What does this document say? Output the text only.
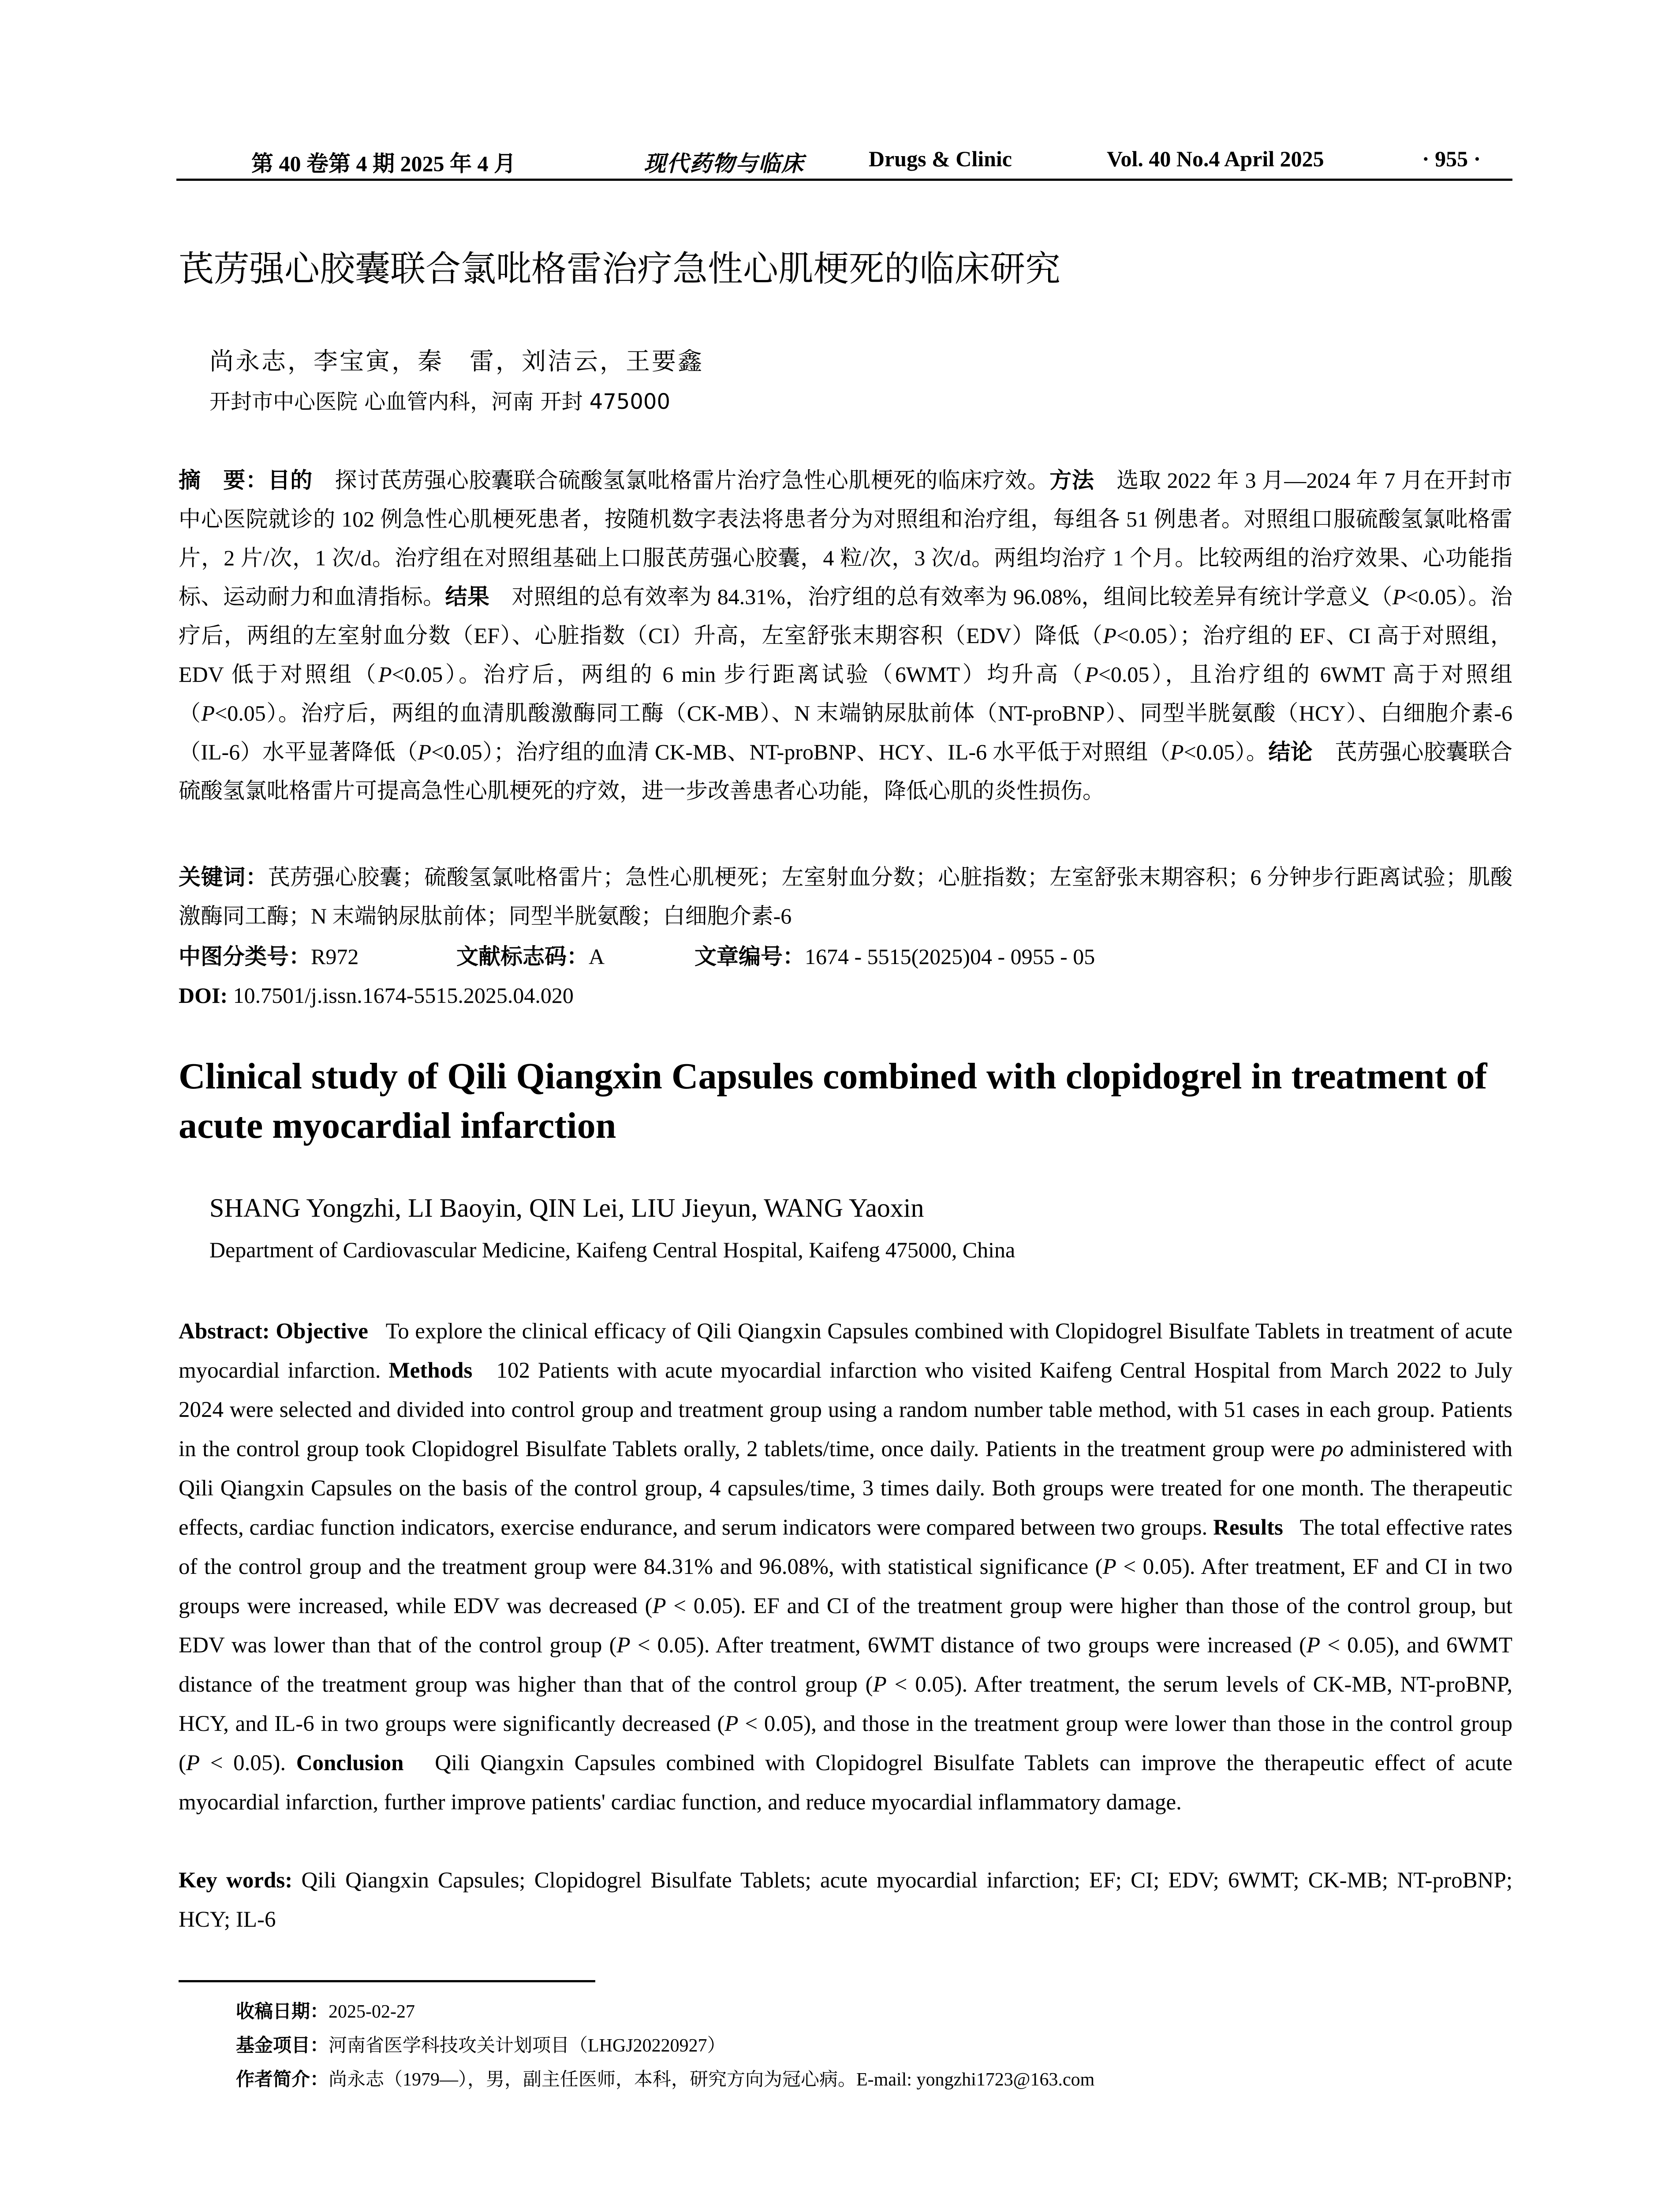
第 40 卷第 4 期 2025 年 4 月	现代药物与临床	Drugs & Clinic	Vol. 40 No.4 April 2025	· 955 ·
芪苈强心胶囊联合氯吡格雷治疗急性心肌梗死的临床研究
尚永志，李宝寅，秦　雷，刘洁云，王要鑫
开封市中心医院 心血管内科，河南 开封 475000
摘　要：目的　 探讨芪苈强心胶囊联合硫酸氢氯吡格雷片治疗急性心肌梗死的临床疗效。方法　 选取 2022 年 3 月—2024 年 7 月在开封市中心医院就诊的 102 例急性心肌梗死患者，按随机数字表法将患者分为对照组和治疗组，每组各 51 例患者。对照组口服硫酸氢氯吡格雷片，2 片/次，1 次/d。治疗组在对照组基础上口服芪苈强心胶囊，4 粒/次，3 次/d。两组均治疗 1 个月。比较两组的治疗效果、心功能指标、运动耐力和血清指标。结果　 对照组的总有效率为 84.31%，治疗组的总有效率为 96.08%，组间比较差异有统计学意义（P<0.05）。治疗后，两组的左室射血分数（EF）、心脏指数（CI）升高，左室舒张末期容积（EDV）降低（P<0.05）；治疗组的 EF、CI 高于对照组，EDV 低于对照组（P<0.05）。治疗后，两组的 6 min 步行距离试验（6WMT）均升高（P<0.05），且治疗组的 6WMT 高于对照组（P<0.05）。治疗后，两组的血清肌酸激酶同工酶（CK-MB）、N 末端钠尿肽前体（NT-proBNP）、同型半胱氨酸（HCY）、白细胞介素-6（IL-6）水平显著降低（P<0.05）；治疗组的血清 CK-MB、NT-proBNP、HCY、IL-6 水平低于对照组（P<0.05）。结论　 芪苈强心胶囊联合硫酸氢氯吡格雷片可提高急性心肌梗死的疗效，进一步改善患者心功能，降低心肌的炎性损伤。
关键词：芪苈强心胶囊；硫酸氢氯吡格雷片；急性心肌梗死；左室射血分数；心脏指数；左室舒张末期容积；6 分钟步行距离试验；肌酸激酶同工酶；N 末端钠尿肽前体；同型半胱氨酸；白细胞介素-6
中图分类号：R972	文献标志码：A	文章编号：1674 - 5515(2025)04 - 0955 - 05
DOI: 10.7501/j.issn.1674-5515.2025.04.020
Clinical study of Qili Qiangxin Capsules combined with clopidogrel in treatment of acute myocardial infarction
SHANG Yongzhi, LI Baoyin, QIN Lei, LIU Jieyun, WANG Yaoxin
Department of Cardiovascular Medicine, Kaifeng Central Hospital, Kaifeng 475000, China
Abstract: Objective To explore the clinical efficacy of Qili Qiangxin Capsules combined with Clopidogrel Bisulfate Tablets in treatment of acute myocardial infarction. Methods 102 Patients with acute myocardial infarction who visited Kaifeng Central Hospital from March 2022 to July 2024 were selected and divided into control group and treatment group using a random number table method, with 51 cases in each group. Patients in the control group took Clopidogrel Bisulfate Tablets orally, 2 tablets/time, once daily. Patients in the treatment group were po administered with Qili Qiangxin Capsules on the basis of the control group, 4 capsules/time, 3 times daily. Both groups were treated for one month. The therapeutic effects, cardiac function indicators, exercise endurance, and serum indicators were compared between two groups. Results The total effective rates of the control group and the treatment group were 84.31% and 96.08%, with statistical significance (P < 0.05). After treatment, EF and CI in two groups were increased, while EDV was decreased (P < 0.05). EF and CI of the treatment group were higher than those of the control group, but EDV was lower than that of the control group (P < 0.05). After treatment, 6WMT distance of two groups were increased (P < 0.05), and 6WMT distance of the treatment group was higher than that of the control group (P < 0.05). After treatment, the serum levels of CK-MB, NT-proBNP, HCY, and IL-6 in two groups were significantly decreased (P < 0.05), and those in the treatment group were lower than those in the control group (P < 0.05). Conclusion Qili Qiangxin Capsules combined with Clopidogrel Bisulfate Tablets can improve the therapeutic effect of acute myocardial infarction, further improve patients' cardiac function, and reduce myocardial inflammatory damage.
Key words: Qili Qiangxin Capsules; Clopidogrel Bisulfate Tablets; acute myocardial infarction; EF; CI; EDV; 6WMT; CK-MB; NT-proBNP; HCY; IL-6
收稿日期：2025-02-27
基金项目：河南省医学科技攻关计划项目（LHGJ20220927）
作者简介：尚永志（1979—），男，副主任医师，本科，研究方向为冠心病。E-mail: yongzhi1723@163.com
